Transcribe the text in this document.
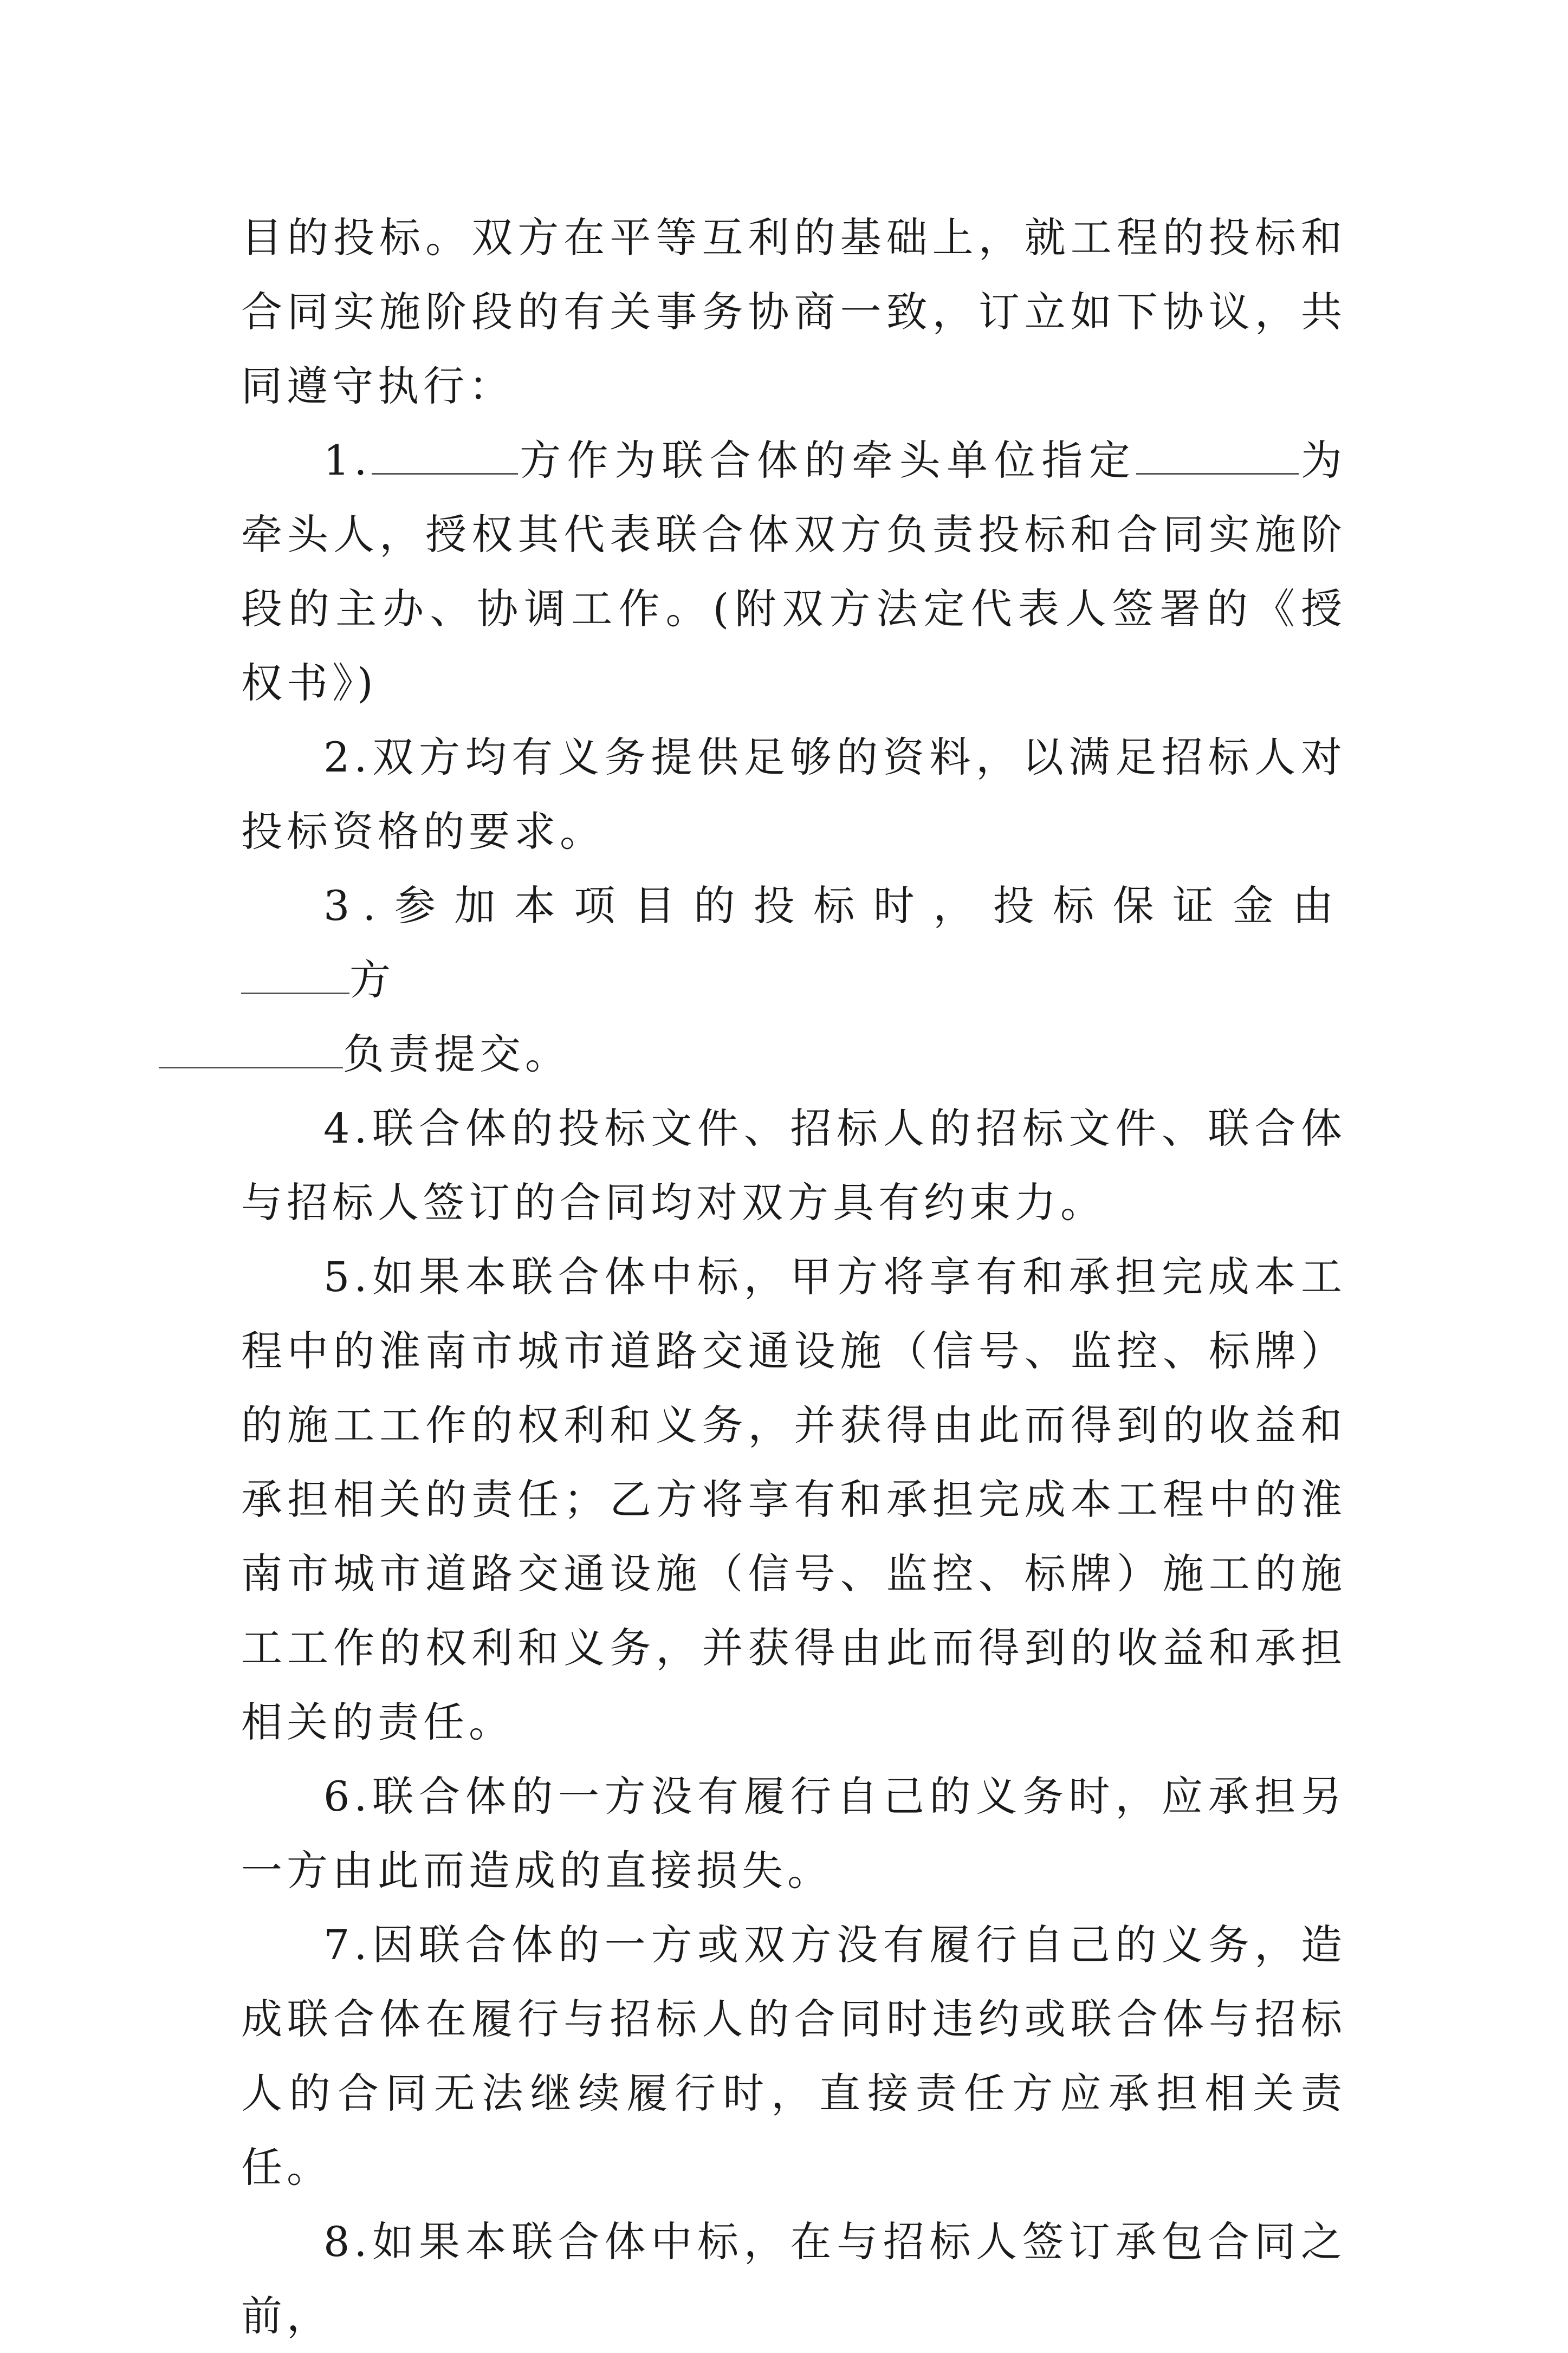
目的投标。双方在平等互利的基础上，就工程的投标和合同实施阶段的有关事务协商一致，订立如下协议，共同遵守执行：

1.	方作为联合体的牵头单位指定	为牵头人，授权其代表联合体双方负责投标和合同实施阶段的主办、协调工作。(附双方法定代表人签署的《授权书》)

2.双方均有义务提供足够的资料，以满足招标人对投标资格的要求。

3.参加本项目的投标时，投标保证金由方
负责提交。

4.联合体的投标文件、招标人的招标文件、联合体与招标人签订的合同均对双方具有约束力。

5.如果本联合体中标，甲方将享有和承担完成本工程中的淮南市城市道路交通设施（信号、监控、标牌）的施工工作的权利和义务，并获得由此而得到的收益和承担相关的责任；乙方将享有和承担完成本工程中的淮南市城市道路交通设施（信号、监控、标牌）施工的施工工作的权利和义务，并获得由此而得到的收益和承担相关的责任。

6.联合体的一方没有履行自己的义务时，应承担另一方由此而造成的直接损失。

7.因联合体的一方或双方没有履行自己的义务，造成联合体在履行与招标人的合同时违约或联合体与招标人的合同无法继续履行时，直接责任方应承担相关责任。

8.如果本联合体中标，在与招标人签订承包合同之前，
